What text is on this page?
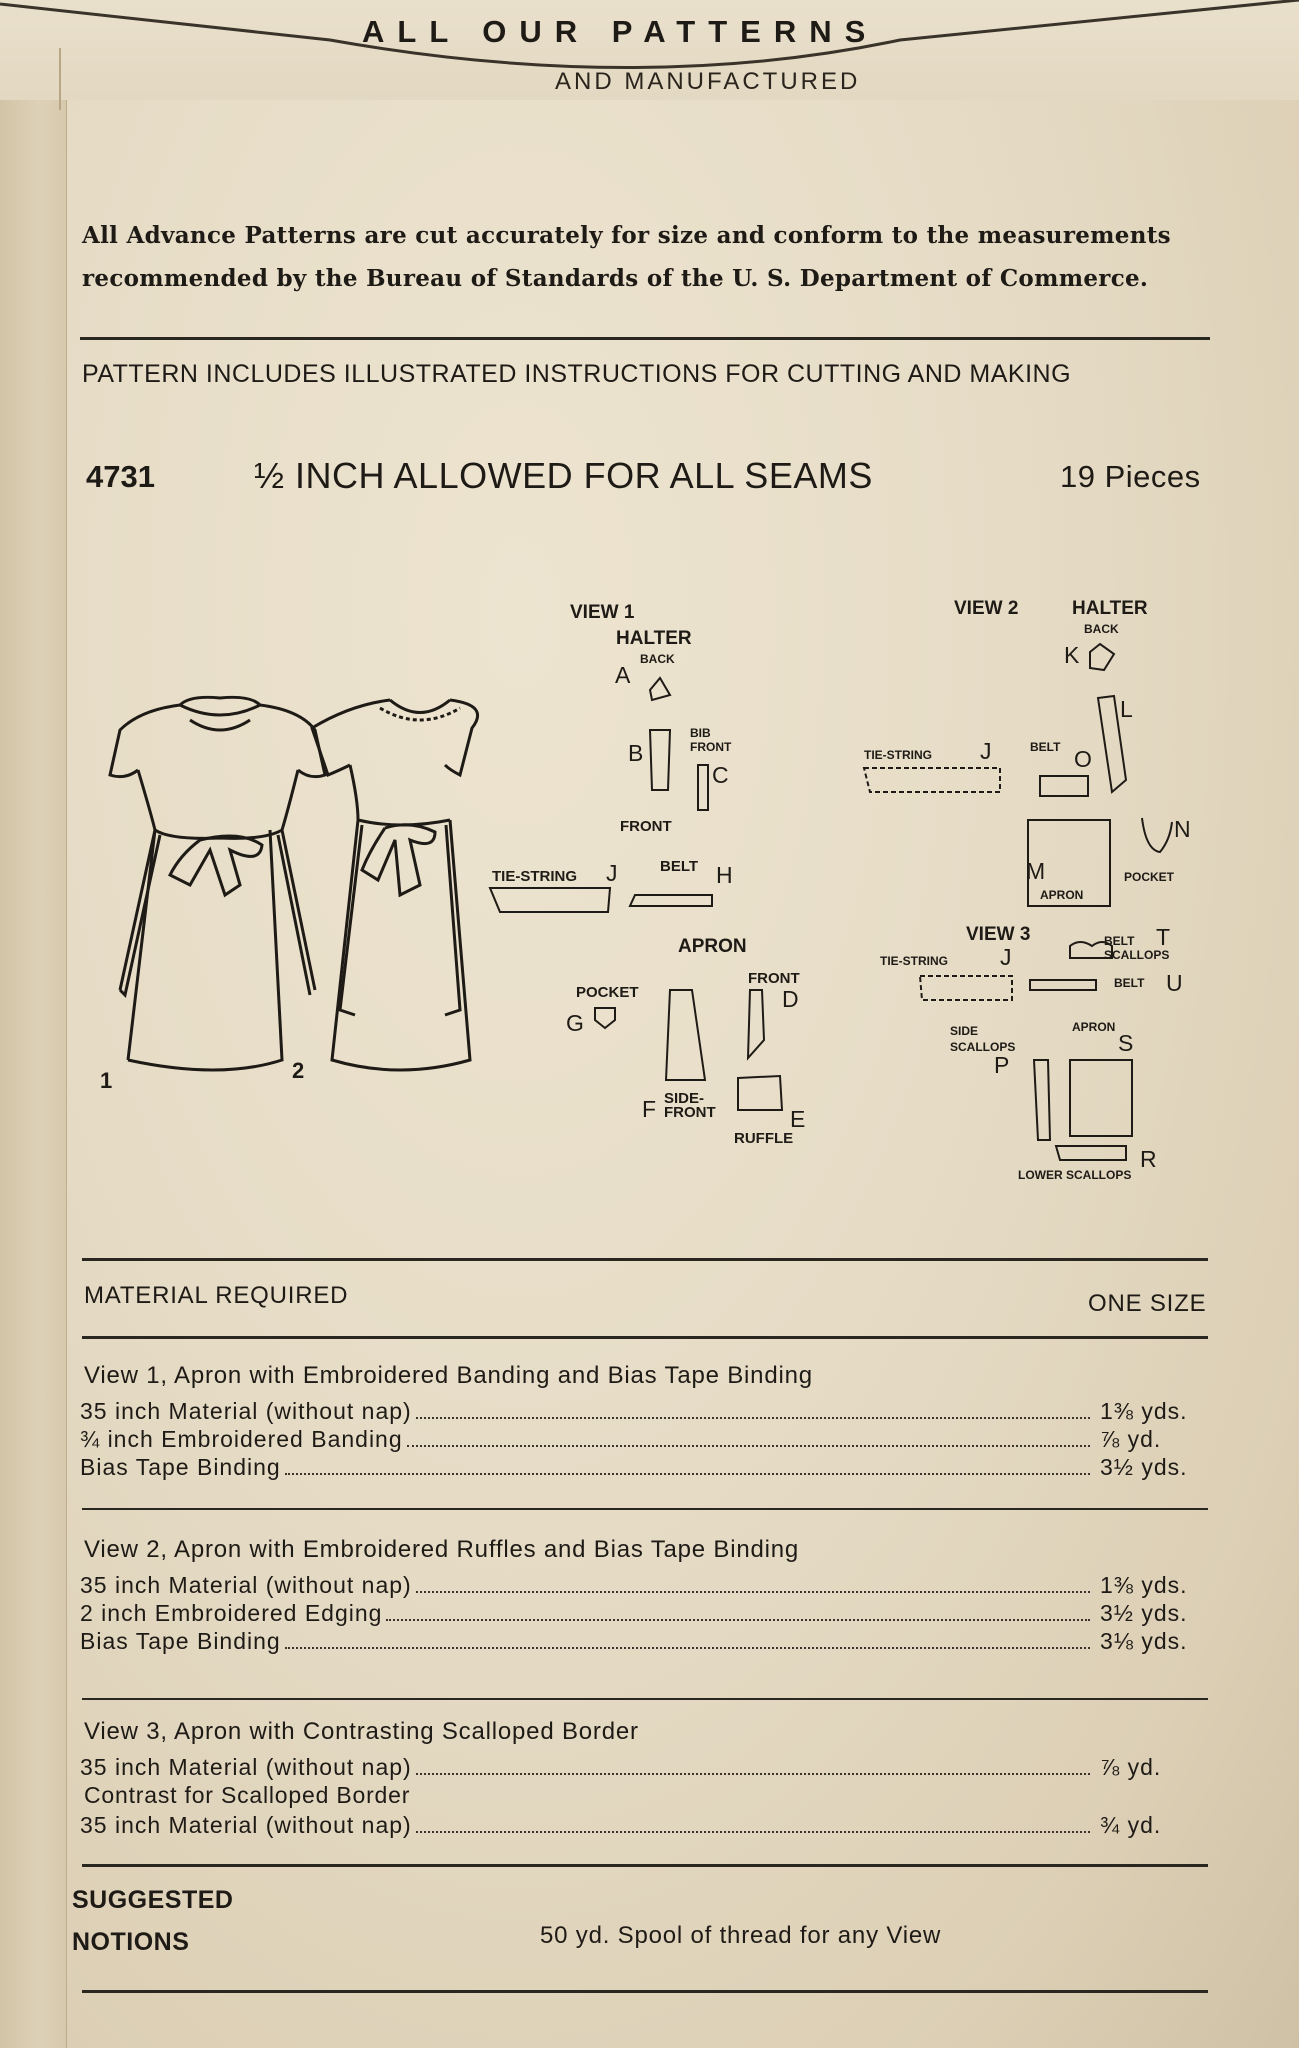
ALL OUR PATTERNS
AND MANUFACTURED
All Advance Patterns are cut accurately for size and conform to the measurements
recommended by the Bureau of Standards of the U. S. Department of Commerce.
PATTERN INCLUDES ILLUSTRATED INSTRUCTIONS FOR CUTTING AND MAKING
4731	½ INCH ALLOWED FOR ALL SEAMS	19 Pieces
1	2
VIEW 1
HALTER
BACK
A
BIB
FRONT
B
C
FRONT
TIE-STRING J	BELT H
APRON
POCKET
G
FRONT
D
SIDE-
FRONT
F	E
RUFFLE
VIEW 2	HALTER
BACK
K
L
TIE-STRING J	BELT O
N
POCKET
M
APRON
VIEW 3	BELT T
SCALLOPS
TIE-STRING J
BELT U
SIDE
SCALLOPS
P
APRON
S
R
LOWER SCALLOPS
MATERIAL REQUIRED	ONE SIZE
View 1, Apron with Embroidered Banding and Bias Tape Binding
35 inch Material (without nap)	1⅜ yds.
¾ inch Embroidered Banding	⅞ yd.
Bias Tape Binding	3½ yds.
View 2, Apron with Embroidered Ruffles and Bias Tape Binding
35 inch Material (without nap)	1⅜ yds.
2 inch Embroidered Edging	3½ yds.
Bias Tape Binding	3⅛ yds.
View 3, Apron with Contrasting Scalloped Border
35 inch Material (without nap)	⅞ yd.
Contrast for Scalloped Border
35 inch Material (without nap)	¾ yd.
SUGGESTED
NOTIONS	50 yd. Spool of thread for any View
